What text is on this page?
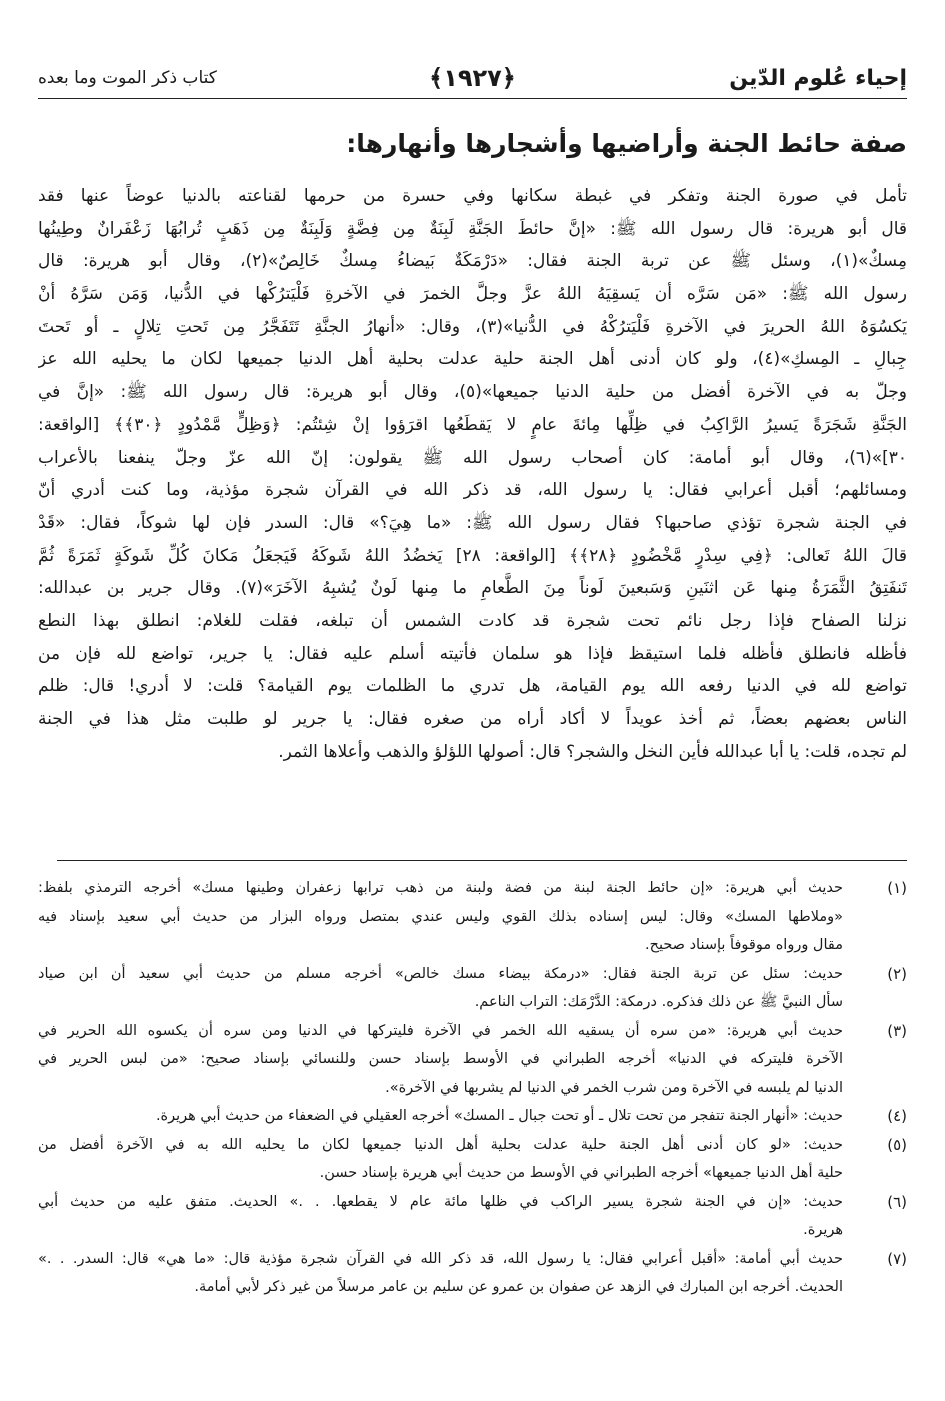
إحياء عُلوم الدّين
﴿١٩٢٧﴾
كتاب ذكر الموت وما بعده
صفة حائط الجنة وأراضيها وأشجارها وأنهارها:
تأمل في صورة الجنة وتفكر في غبطة سكانها وفي حسرة من حرمها لقناعته بالدنيا عوضاً عنها فقد
قال أبو هريرة: قال رسول الله ﷺ: «إنَّ حائطَ الجَنَّةِ لَبِنَةٌ مِن فِضَّةٍ وَلَبِنَةٌ مِن ذَهَبٍ تُرابُهَا زَعْفَرانٌ وطِينُها
مِسكٌ»(١)، وسئل ﷺ عن تربة الجنة فقال: «دَرْمَكَةٌ بَيضاءُ مِسكٌ خَالِصٌ»(٢)، وقال أبو هريرة: قال
رسول الله ﷺ: «مَن سَرَّه أن يَسقِيَهُ اللهُ عزَّ وجلَّ الخمرَ في الآخرةِ فَلْيَترُكْها في الدُّنيا، وَمَن سَرَّهُ أنْ
يَكسُوَهُ اللهُ الحريرَ في الآخرةِ فَلْيَترُكْهُ في الدُّنيا»(٣)، وقال: «أنهارُ الجنَّةِ تَتَفَجَّرُ مِن تَحتِ تِلالٍ ـ أو تَحتَ
جِبالِ ـ المِسكِ»(٤)، ولو كان أدنى أهل الجنة حلية عدلت بحلية أهل الدنيا جميعها لكان ما يحليه الله عز
وجلّ به في الآخرة أفضل من حلية الدنيا جميعها»(٥)، وقال أبو هريرة: قال رسول الله ﷺ: «إنَّ في
الجَنَّةِ شَجَرَةً يَسيرُ الرَّاكِبُ في ظِلِّها مِائةَ عامٍ لا يَقطَعُها اقرَؤوا إنْ شِئتُم: ﴿وَظِلٍّ مَّمْدُودٍ ﴿٣٠﴾﴾ [الواقعة:
٣٠]»(٦)، وقال أبو أمامة: كان أصحاب رسول الله ﷺ يقولون: إنّ الله عزّ وجلّ ينفعنا بالأعراب
ومسائلهم؛ أقبل أعرابي فقال: يا رسول الله، قد ذكر الله في القرآن شجرة مؤذية، وما كنت أدري أنّ
في الجنة شجرة تؤذي صاحبها؟ فقال رسول الله ﷺ: «ما هِيَ؟» قال: السدر فإن لها شوكاً، فقال: «قَدْ
قالَ اللهُ تَعالى: ﴿فِي سِدْرٍ مَّخْضُودٍ ﴿٢٨﴾﴾ [الواقعة: ٢٨] يَخضُدُ اللهُ شَوكَهُ فَيَجعَلُ مَكانَ كُلِّ شَوكَةٍ ثَمَرَةً ثُمَّ
تَنفَتِقُ الثَّمَرَةُ مِنها عَن اثنَينِ وَسَبعينَ لَوناً مِنَ الطَّعامِ ما مِنها لَونٌ يُشبِهُ الآخَرَ»(٧). وقال جرير بن عبدالله:
نزلنا الصفاح فإذا رجل نائم تحت شجرة قد كادت الشمس أن تبلغه، فقلت للغلام: انطلق بهذا النطع
فأظله فانطلق فأظله فلما استيقظ فإذا هو سلمان فأتيته أسلم عليه فقال: يا جرير، تواضع لله فإن من
تواضع لله في الدنيا رفعه الله يوم القيامة، هل تدري ما الظلمات يوم القيامة؟ قلت: لا أدري! قال: ظلم
الناس بعضهم بعضاً، ثم أخذ عويداً لا أكاد أراه من صغره فقال: يا جرير لو طلبت مثل هذا في الجنة
لم تجده، قلت: يا أبا عبدالله فأين النخل والشجر؟ قال: أصولها اللؤلؤ والذهب وأعلاها الثمر.
(١)
حديث أبي هريرة: «إن حائط الجنة لبنة من فضة ولبنة من ذهب ترابها زعفران وطينها مسك» أخرجه الترمذي بلفظ:
«وملاطها المسك» وقال: ليس إسناده بذلك القوي وليس عندي بمتصل ورواه البزار من حديث أبي سعيد بإسناد فيه
مقال ورواه موقوفاً بإسناد صحيح.
(٢)
حديث: سئل عن تربة الجنة فقال: «درمكة بيضاء مسك خالص» أخرجه مسلم من حديث أبي سعيد أن ابن صياد
سأل النبيَّ ﷺ عن ذلك فذكره. درمكة: الدَّرْمَك: التراب الناعم.
(٣)
حديث أبي هريرة: «من سره أن يسقيه الله الخمر في الآخرة فليتركها في الدنيا ومن سره أن يكسوه الله الحرير في
الآخرة فليتركه في الدنيا» أخرجه الطبراني في الأوسط بإسناد حسن وللنسائي بإسناد صحيح: «من لبس الحرير في
الدنيا لم يلبسه في الآخرة ومن شرب الخمر في الدنيا لم يشربها في الآخرة».
(٤)
حديث: «أنهار الجنة تتفجر من تحت تلال ـ أو تحت جبال ـ المسك» أخرجه العقيلي في الضعفاء من حديث أبي هريرة.
(٥)
حديث: «لو كان أدنى أهل الجنة حلية عدلت بحلية أهل الدنيا جميعها لكان ما يحليه الله به في الآخرة أفضل من
حلية أهل الدنيا جميعها» أخرجه الطبراني في الأوسط من حديث أبي هريرة بإسناد حسن.
(٦)
حديث: «إن في الجنة شجرة يسير الراكب في ظلها مائة عام لا يقطعها. . .» الحديث. متفق عليه من حديث أبي
هريرة.
(٧)
حديث أبي أمامة: «أقبل أعرابي فقال: يا رسول الله، قد ذكر الله في القرآن شجرة مؤذية قال: «ما هي» قال: السدر. . .»
الحديث. أخرجه ابن المبارك في الزهد عن صفوان بن عمرو عن سليم بن عامر مرسلاً من غير ذكر لأبي أمامة.
